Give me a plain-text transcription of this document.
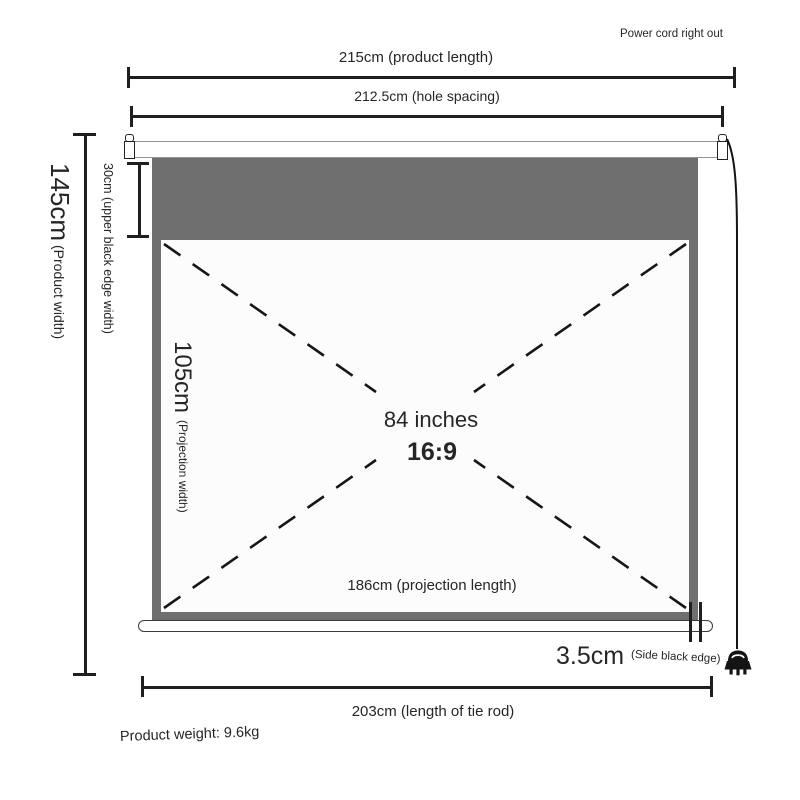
Power cord right out
215cm (product length)
212.5cm (hole spacing)
145cm
(Product width)	30cm (upper black edge width)
105cm
(Projection width)
84 inches
16:9
186cm (projection length)
3.5cm (Side black edge)
203cm (length of tie rod)
Product weight: 9.6kg
